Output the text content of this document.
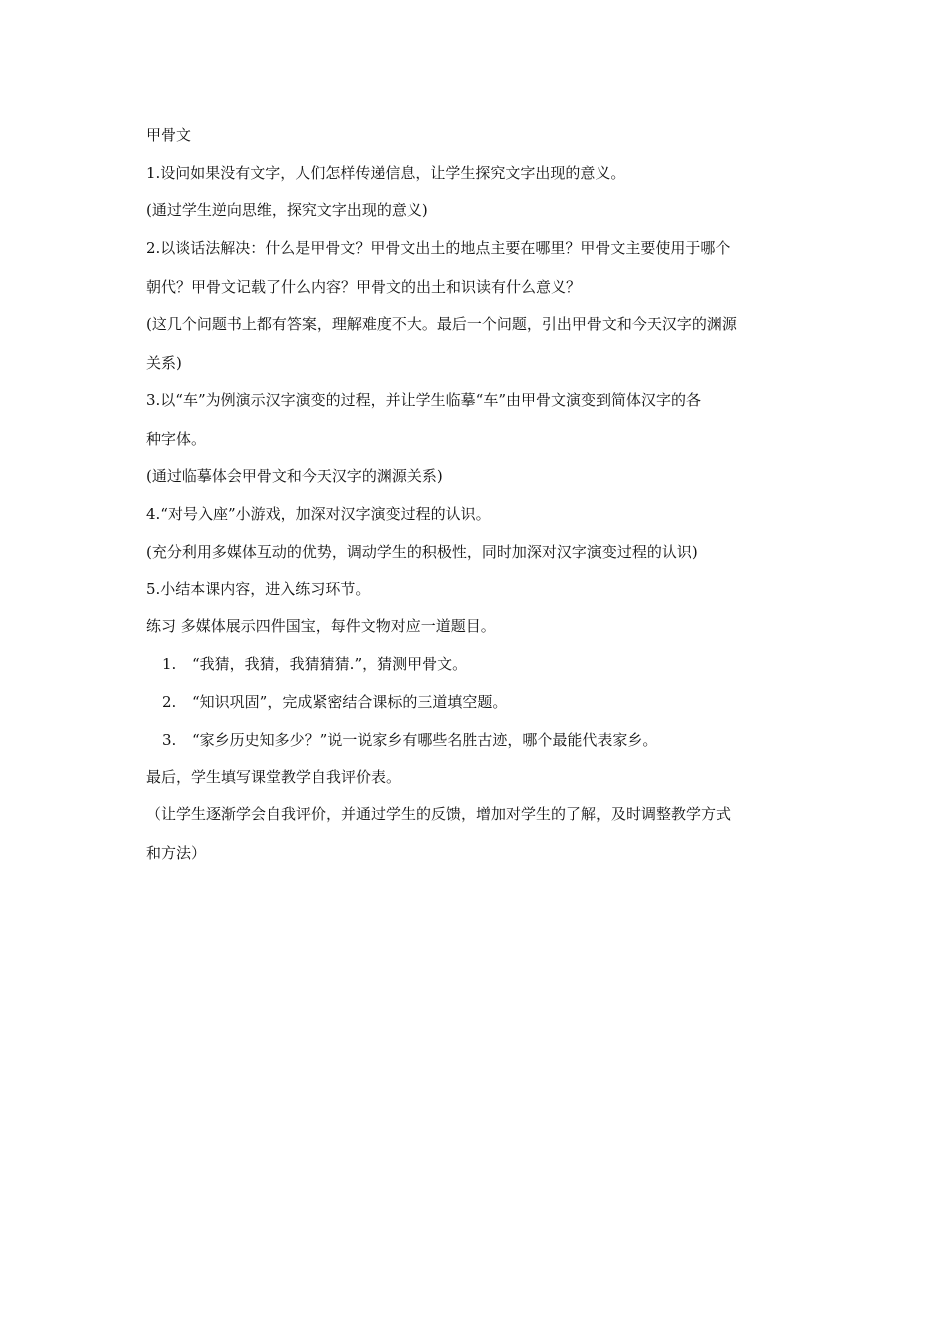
甲骨文
1.设问如果没有文字，人们怎样传递信息，让学生探究文字出现的意义。
(通过学生逆向思维，探究文字出现的意义)
2.以谈话法解决：什么是甲骨文？甲骨文出土的地点主要在哪里？甲骨文主要使用于哪个
朝代？甲骨文记载了什么内容？甲骨文的出土和识读有什么意义？
(这几个问题书上都有答案，理解难度不大。最后一个问题，引出甲骨文和今天汉字的渊源
关系)
3.以“车”为例演示汉字演变的过程，并让学生临摹“车”由甲骨文演变到简体汉字的各
种字体。
(通过临摹体会甲骨文和今天汉字的渊源关系)
4.“对号入座”小游戏，加深对汉字演变过程的认识。
(充分利用多媒体互动的优势，调动学生的积极性，同时加深对汉字演变过程的认识)
5.小结本课内容，进入练习环节。
练习 多媒体展示四件国宝，每件文物对应一道题目。
1. “我猜，我猜，我猜猜猜.”，猜测甲骨文。
2. “知识巩固”，完成紧密结合课标的三道填空题。
3. “家乡历史知多少？”说一说家乡有哪些名胜古迹，哪个最能代表家乡。
最后，学生填写课堂教学自我评价表。
（让学生逐渐学会自我评价，并通过学生的反馈，增加对学生的了解，及时调整教学方式
和方法）
